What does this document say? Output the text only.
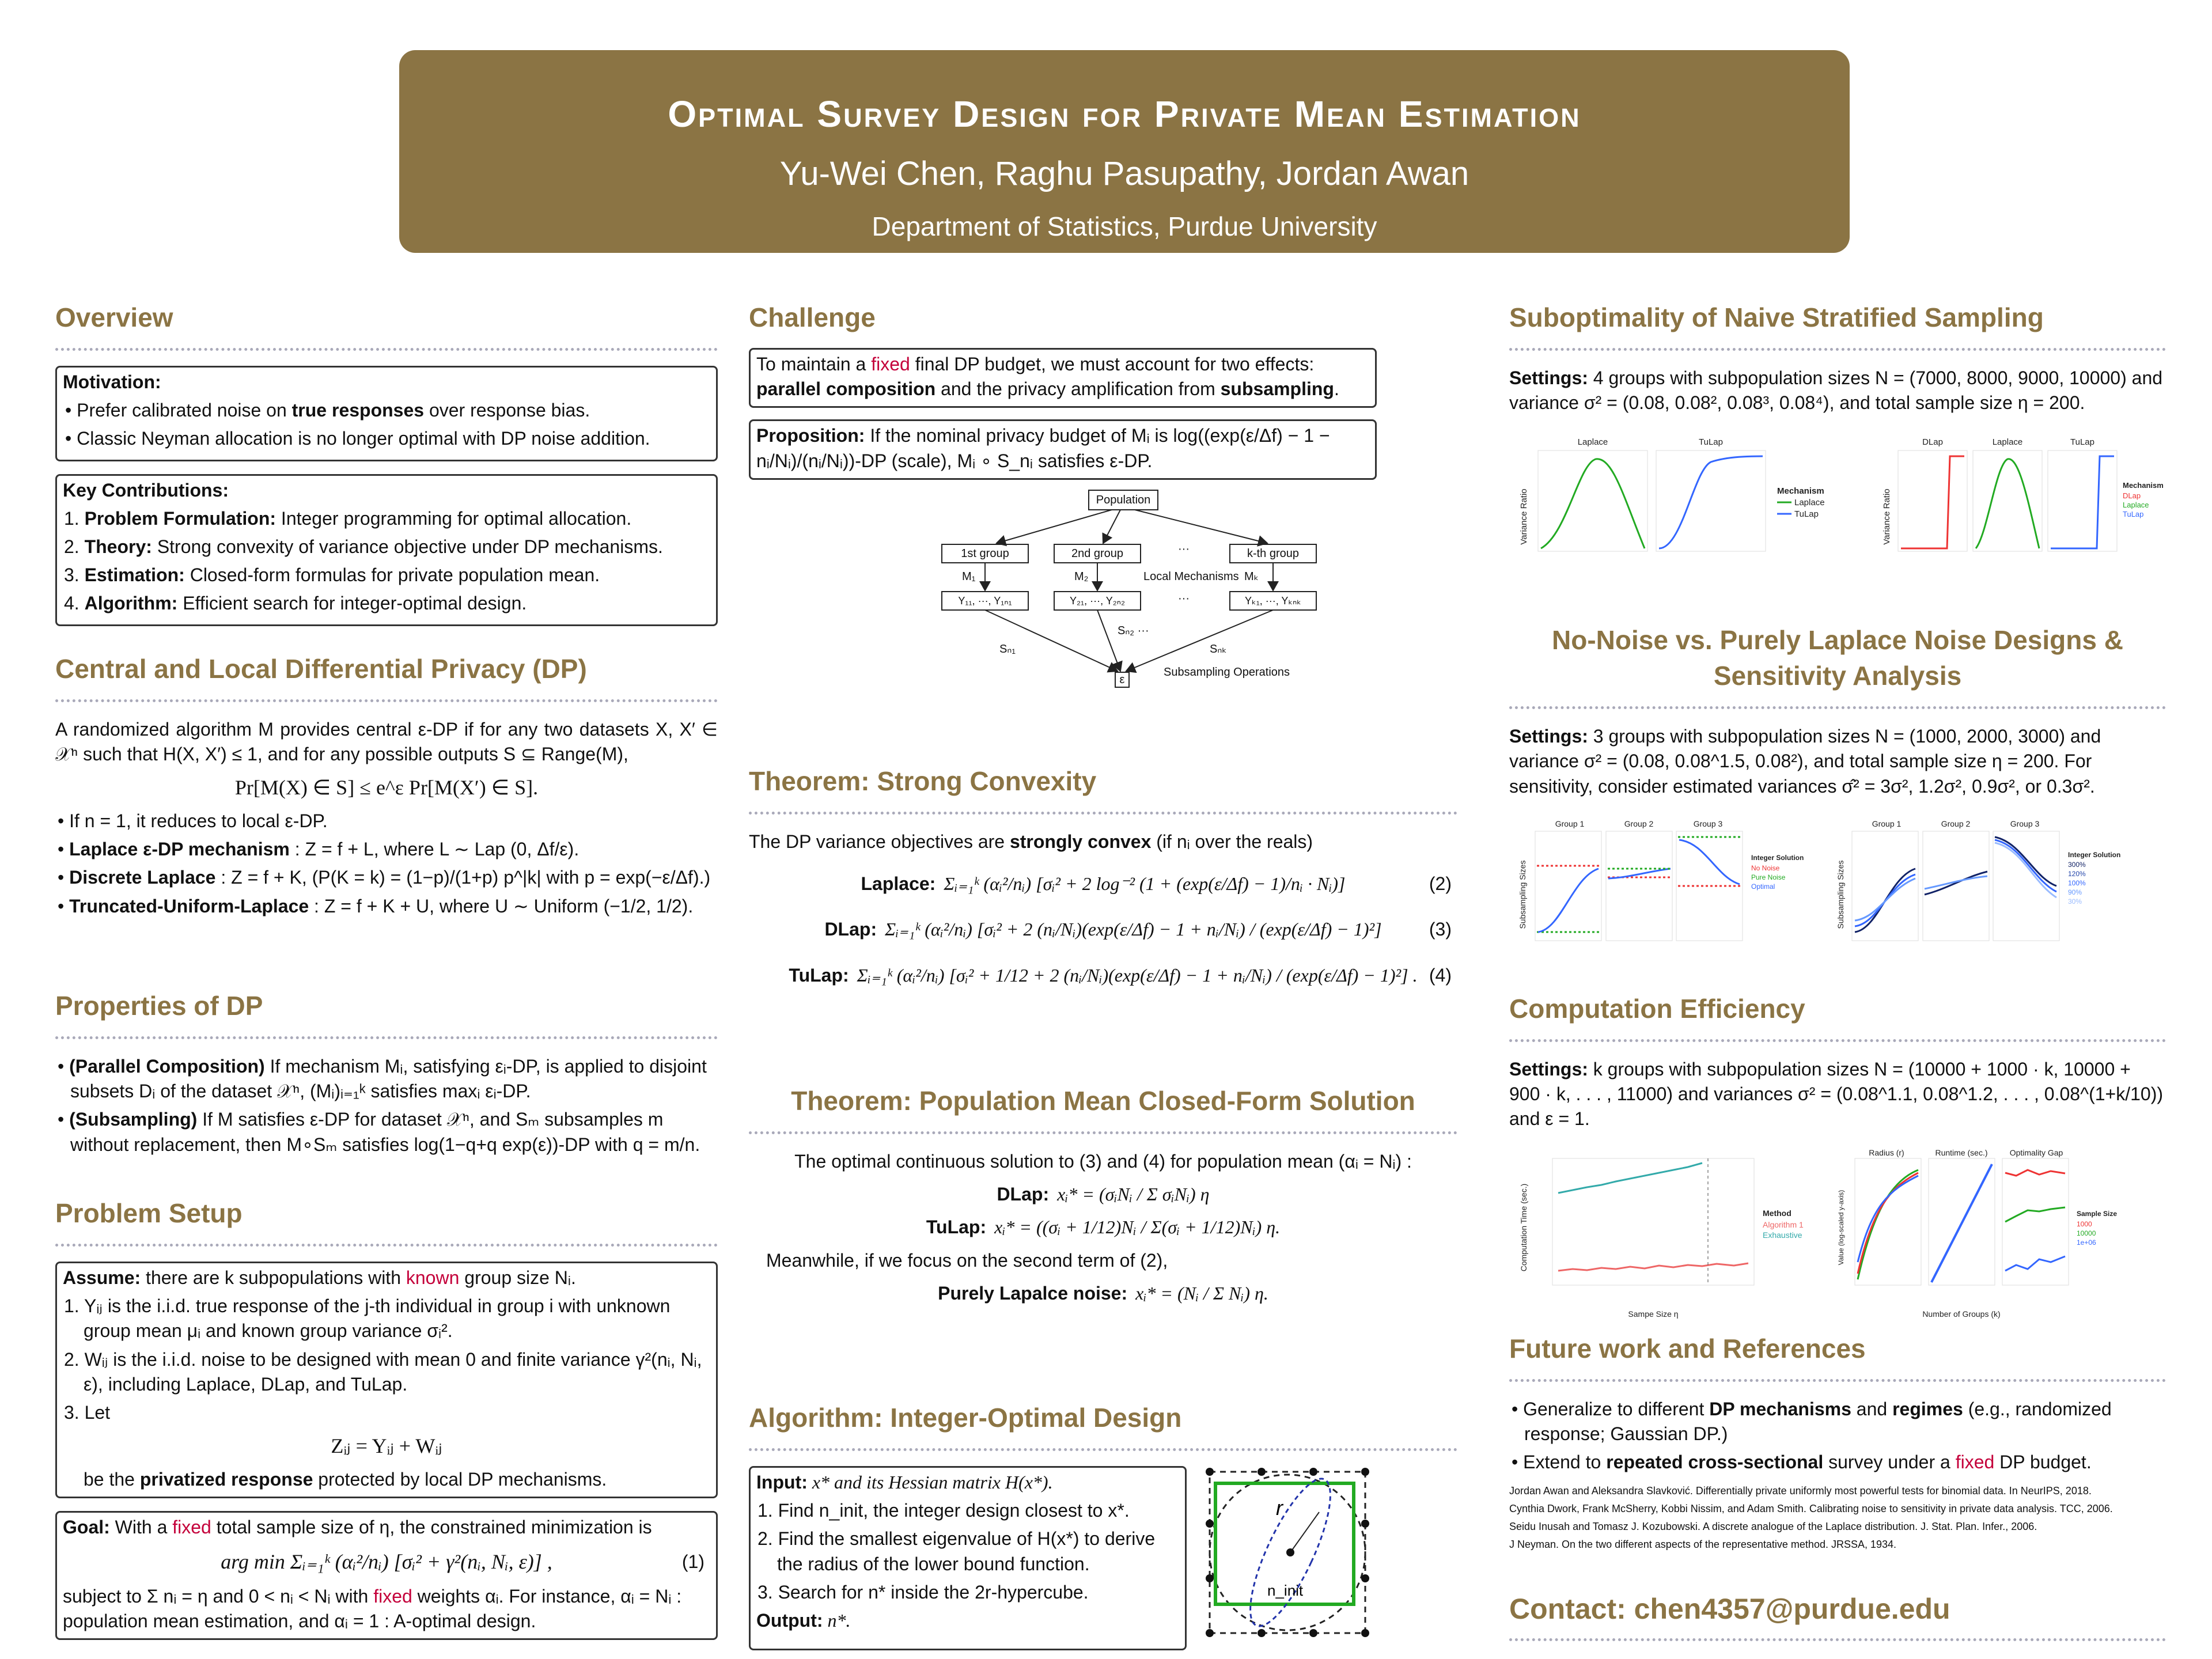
Optimal Survey Design for Private Mean Estimation
Yu-Wei Chen, Raghu Pasupathy, Jordan Awan
Department of Statistics, Purdue University
Overview
Motivation:
• Prefer calibrated noise on true responses over response bias.
• Classic Neyman allocation is no longer optimal with DP noise addition.
Key Contributions:
1. Problem Formulation: Integer programming for optimal allocation.
2. Theory: Strong convexity of variance objective under DP mechanisms.
3. Estimation: Closed-form formulas for private population mean.
4. Algorithm: Efficient search for integer-optimal design.
Central and Local Differential Privacy (DP)

A randomized algorithm M provides central ε-DP if for any two datasets X, X′ ∈ 𝒳ⁿ such that H(X, X′) ≤ 1, and for any possible outputs S ⊆ Range(M),

Pr[M(X) ∈ S] ≤ e^ε Pr[M(X′) ∈ S].
• If n = 1, it reduces to local ε-DP.
• Laplace ε-DP mechanism : Z = f + L, where L ∼ Lap (0, Δf/ε).
• Discrete Laplace : Z = f + K, (P(K = k) = (1−p)/(1+p) p^|k| with p = exp(−ε/Δf).)
• Truncated-Uniform-Laplace : Z = f + K + U, where U ∼ Uniform (−1/2, 1/2).
Properties of DP
• (Parallel Composition) If mechanism Mᵢ, satisfying εᵢ-DP, is applied to disjoint subsets Dᵢ of the dataset 𝒳ⁿ, (Mᵢ)ᵢ₌₁ᵏ satisfies maxᵢ εᵢ-DP.
• (Subsampling) If M satisfies ε-DP for dataset 𝒳ⁿ, and Sₘ subsamples m without replacement, then M∘Sₘ satisfies log(1−q+q exp(ε))-DP with q = m/n.
Problem Setup
Assume: there are k subpopulations with known group size Nᵢ.
1. Yᵢⱼ is the i.i.d. true response of the j-th individual in group i with unknown group mean μᵢ and known group variance σᵢ².
2. Wᵢⱼ is the i.i.d. noise to be designed with mean 0 and finite variance γ²(nᵢ, Nᵢ, ε), including Laplace, DLap, and TuLap.
3. Let
Zᵢⱼ = Yᵢⱼ + Wᵢⱼ
be the privatized response protected by local DP mechanisms.
Goal: With a fixed total sample size of η, the constrained minimization is
arg min Σᵢ₌₁ᵏ (αᵢ²/nᵢ) [σᵢ² + γ²(nᵢ, Nᵢ, ε)] ,	(1)
subject to Σ nᵢ = η and 0 < nᵢ < Nᵢ with fixed weights αᵢ. For instance, αᵢ = Nᵢ : population mean estimation, and αᵢ = 1 : A-optimal design.
Challenge
To maintain a fixed final DP budget, we must account for two effects: parallel composition and the privacy amplification from subsampling.
Proposition: If the nominal privacy budget of Mᵢ is log((exp(ε/Δf) − 1 − nᵢ/Nᵢ)/(nᵢ/Nᵢ))-DP (scale), Mᵢ ∘ S_nᵢ satisfies ε-DP.
Population
1st group	2nd group	···	k-th group
M₁	M₂	Mₖ
Local Mechanisms
Y₁₁, ···, Y₁ₙ₁	Y₂₁, ···, Y₂ₙ₂	···	Yₖ₁, ···, Yₖₙₖ
Sₙ₁
Sₙ₂ ···
Sₙₖ
ε
Subsampling Operations
Theorem: Strong Convexity

The DP variance objectives are strongly convex (if nᵢ over the reals)

Laplace: Σᵢ₌₁ᵏ (αᵢ²/nᵢ) [σᵢ² + 2 log⁻² (1 + (exp(ε/Δf) − 1)/nᵢ · Nᵢ)]	(2)
DLap: Σᵢ₌₁ᵏ (αᵢ²/nᵢ) [σᵢ² + 2 (nᵢ/Nᵢ)(exp(ε/Δf) − 1 + nᵢ/Nᵢ) / (exp(ε/Δf) − 1)²]	(3)
TuLap: Σᵢ₌₁ᵏ (αᵢ²/nᵢ) [σᵢ² + 1/12 + 2 (nᵢ/Nᵢ)(exp(ε/Δf) − 1 + nᵢ/Nᵢ) / (exp(ε/Δf) − 1)²] . (4)
Theorem: Population Mean Closed-Form Solution

The optimal continuous solution to (3) and (4) for population mean (αᵢ = Nᵢ) :

DLap: xᵢ* = (σᵢNᵢ / Σ σᵢNᵢ) η
TuLap: xᵢ* = ((σᵢ + 1/12)Nᵢ / Σ(σᵢ + 1/12)Nᵢ) η.

Meanwhile, if we focus on the second term of (2),

Purely Lapalce noise: xᵢ* = (Nᵢ / Σ Nᵢ) η.
Algorithm: Integer-Optimal Design
Input: x* and its Hessian matrix H(x*).
1. Find n_init, the integer design closest to x*.
2. Find the smallest eigenvalue of H(x*) to derive the radius of the lower bound function.
3. Search for n* inside the 2r-hypercube.
Output: n*.
r
n_init
Suboptimality of Naive Stratified Sampling

Settings: 4 groups with subpopulation sizes N = (7000, 8000, 9000, 10000) and variance σ² = (0.08, 0.08², 0.08³, 0.08⁴), and total sample size η = 200.

Variance Ratio
Laplace	TuLap
Mechanism
Laplace
TuLap	Variance Ratio
DLap	Laplace	TuLap
Mechanism
DLap
Laplace
TuLap
No-Noise vs. Purely Laplace Noise Designs & Sensitivity Analysis

Settings: 3 groups with subpopulation sizes N = (1000, 2000, 3000) and variance σ² = (0.08, 0.08^1.5, 0.08²), and total sample size η = 200. For sensitivity, consider estimated variances σ̂² = 3σ², 1.2σ², 0.9σ², or 0.3σ².

Subsampling Sizes
Group 1	Group 2	Group 3
Integer Solution
No Noise
Pure Noise
Optimal	Subsampling Sizes
Group 1	Group 2	Group 3
Integer Solution
300%
120%
100%
90%
30%
Computation Efficiency

Settings: k groups with subpopulation sizes N = (10000 + 1000 · k, 10000 + 900 · k, . . . , 11000) and variances σ² = (0.08^1.1, 0.08^1.2, . . . , 0.08^(1+k/10)) and ε = 1.

Computation Time (sec.)
Sampe Size η
Method
Algorithm 1
Exhaustive	Value (log-scaled y-axis)
Radius (r)	Runtime (sec.)	Optimality Gap
Number of Groups (k)
Sample Size
1000
10000
1e+06
Future work and References
• Generalize to different DP mechanisms and regimes (e.g., randomized response; Gaussian DP.)
• Extend to repeated cross-sectional survey under a fixed DP budget.
Jordan Awan and Aleksandra Slavković. Differentially private uniformly most powerful tests for binomial data. In NeurIPS, 2018.
Cynthia Dwork, Frank McSherry, Kobbi Nissim, and Adam Smith. Calibrating noise to sensitivity in private data analysis. TCC, 2006.
Seidu Inusah and Tomasz J. Kozubowski. A discrete analogue of the Laplace distribution. J. Stat. Plan. Infer., 2006.
J Neyman. On the two different aspects of the representative method. JRSSA, 1934.
Contact: chen4357@purdue.edu
